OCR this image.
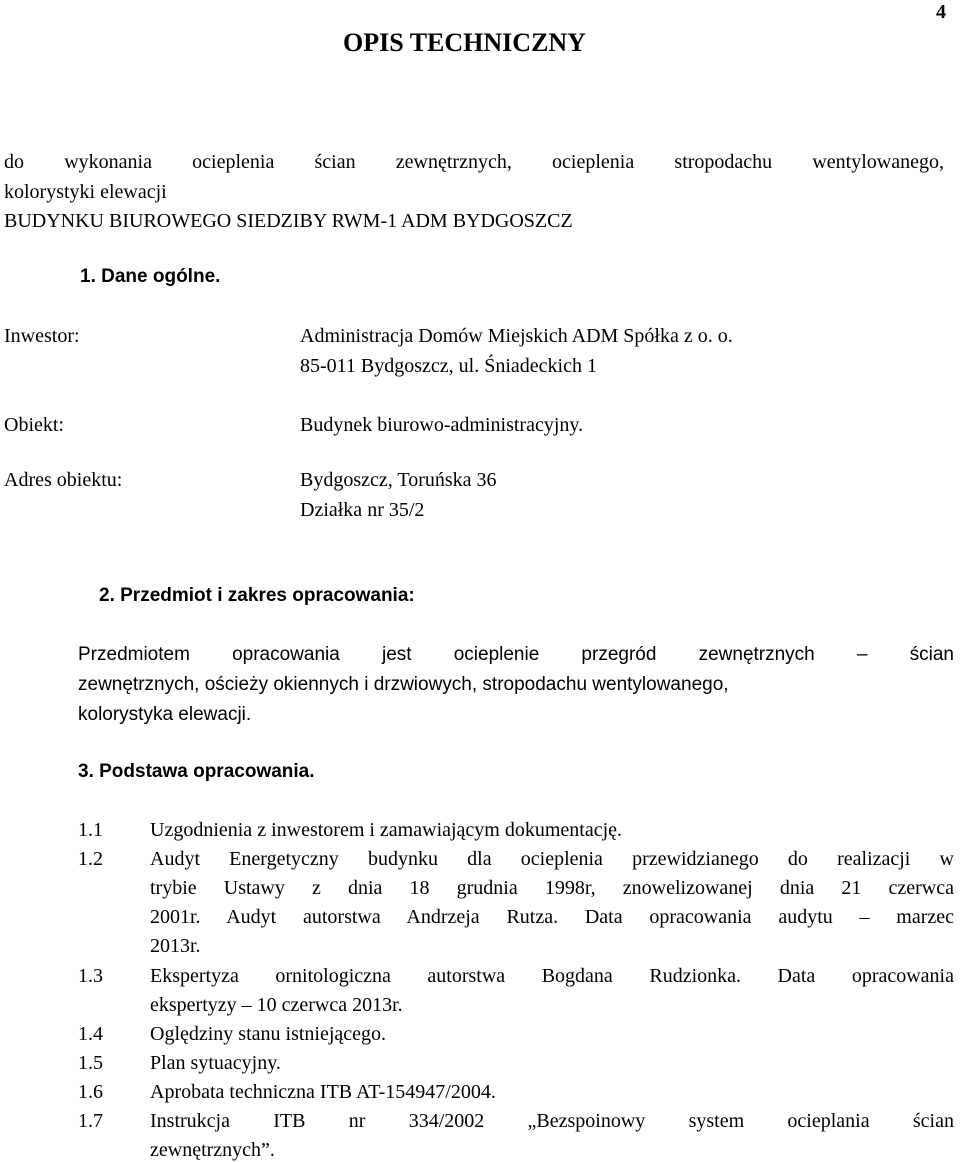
4
OPIS TECHNICZNY
do wykonania ocieplenia ścian zewnętrznych, ocieplenia stropodachu wentylowanego,
kolorystyki elewacji
BUDYNKU BIUROWEGO SIEDZIBY RWM-1 ADM BYDGOSZCZ
1. Dane ogólne.
Inwestor:	Administracja Domów Miejskich ADM Spółka z o. o.
85-011 Bydgoszcz, ul. Śniadeckich 1
Obiekt:	Budynek biurowo-administracyjny.
Adres obiektu:	Bydgoszcz, Toruńska 36
Działka nr 35/2
2. Przedmiot i zakres opracowania:
Przedmiotem opracowania jest ocieplenie przegród zewnętrznych – ścian
zewnętrznych, ościeży okiennych i drzwiowych, stropodachu wentylowanego,
kolorystyka elewacji.
3. Podstawa opracowania.
1.1 Uzgodnienia z inwestorem i zamawiającym dokumentację.
1.2 Audyt Energetyczny budynku dla ocieplenia przewidzianego do realizacji w
trybie Ustawy z dnia 18 grudnia 1998r, znowelizowanej dnia 21 czerwca
2001r. Audyt autorstwa Andrzeja Rutza. Data opracowania audytu – marzec
2013r.
1.3 Ekspertyza ornitologiczna autorstwa Bogdana Rudzionka. Data opracowania
ekspertyzy – 10 czerwca 2013r.
1.4 Oględziny stanu istniejącego.
1.5 Plan sytuacyjny.
1.6 Aprobata techniczna ITB AT-154947/2004.
1.7 Instrukcja ITB nr 334/2002 „Bezspoinowy system ocieplania ścian
zewnętrznych”.
